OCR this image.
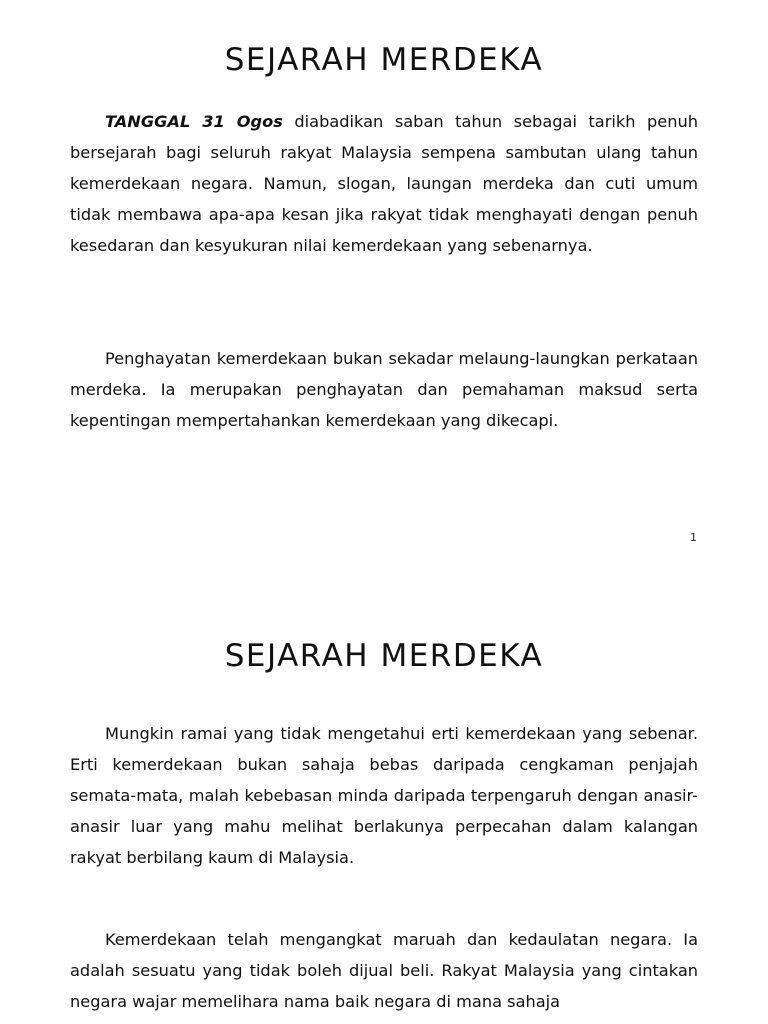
SEJARAH MERDEKA

TANGGAL 31 Ogos diabadikan saban tahun sebagai tarikh penuh bersejarah bagi seluruh rakyat Malaysia sempena sambutan ulang tahun kemerdekaan negara. Namun, slogan, laungan merdeka dan cuti umum tidak membawa apa-apa kesan jika rakyat tidak menghayati dengan penuh kesedaran dan kesyukuran nilai kemerdekaan yang sebenarnya.

Penghayatan kemerdekaan bukan sekadar melaung-laungkan perkataan merdeka. Ia merupakan penghayatan dan pemahaman maksud serta kepentingan mempertahankan kemerdekaan yang dikecapi.

1
SEJARAH MERDEKA

Mungkin ramai yang tidak mengetahui erti kemerdekaan yang sebenar. Erti kemerdekaan bukan sahaja bebas daripada cengkaman penjajah semata-mata, malah kebebasan minda daripada terpengaruh dengan anasir-anasir luar yang mahu melihat berlakunya perpecahan dalam kalangan rakyat berbilang kaum di Malaysia.

Kemerdekaan telah mengangkat maruah dan kedaulatan negara. Ia adalah sesuatu yang tidak boleh dijual beli. Rakyat Malaysia yang cintakan negara wajar memelihara nama baik negara di mana sahaja
